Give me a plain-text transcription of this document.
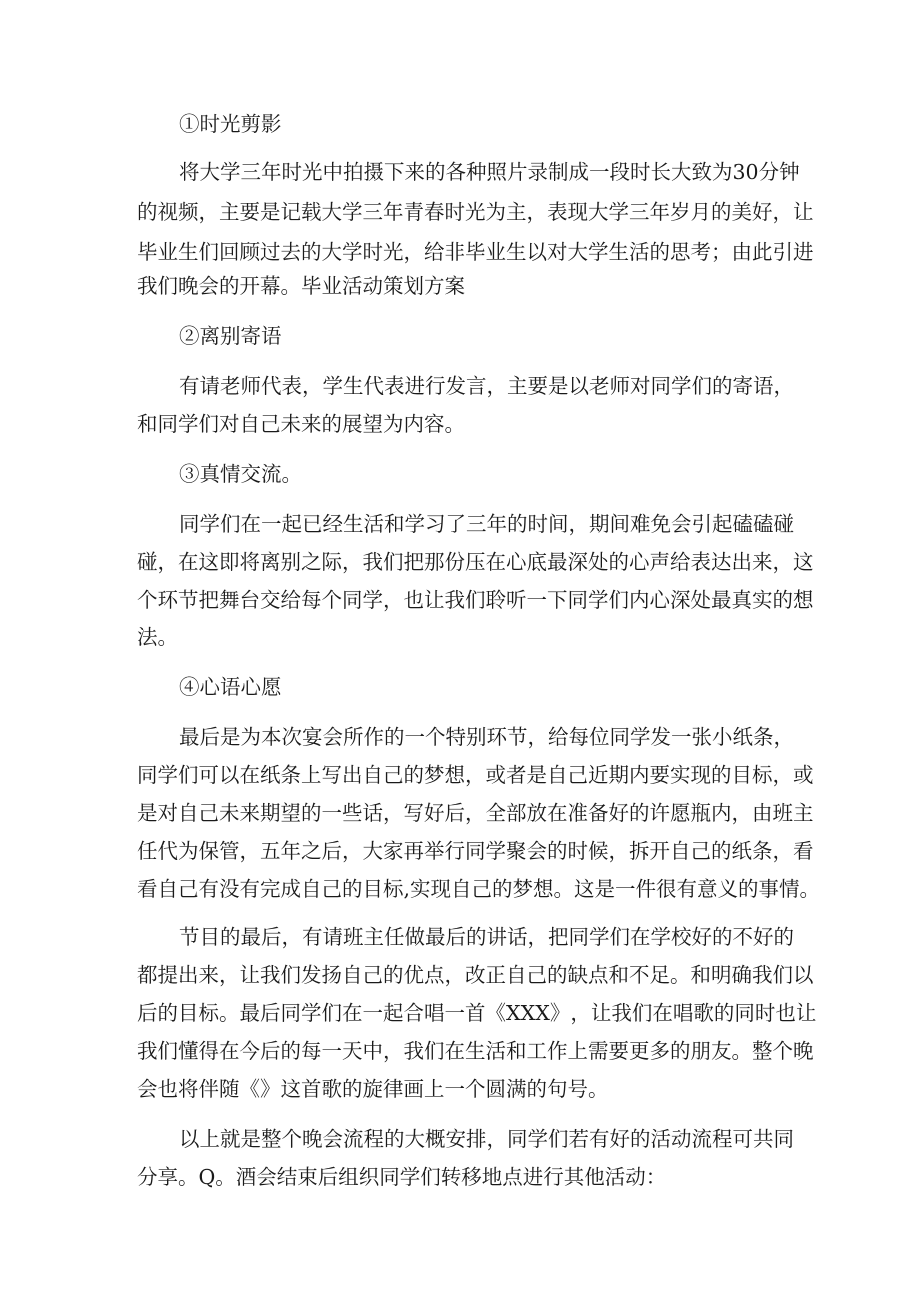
①时光剪影
将 大 学 三 年 时 光 中 拍 摄 下 来 的 各 种 照 片 录 制 成 一 段 时 长 大 致 为 3 0 分 钟
的 视 频 ， 主 要 是 记 载 大 学 三 年 青 春 时 光 为 主 ， 表 现 大 学 三 年 岁 月 的 美 好 ， 让
毕 业 生 们 回 顾 过 去 的 大 学 时 光 ， 给 非 毕 业 生 以 对 大 学 生 活 的 思 考 ； 由 此 引 进
我们晚会的开幕。毕业活动策划方案
②离别寄语
有 请 老 师 代 表 ， 学 生 代 表 进 行 发 言 ， 主 要 是 以 老 师 对 同 学 们 的 寄 语 ，
和同学们对自己未来的展望为内容。
③真情交流。
同 学 们 在 一 起 已 经 生 活 和 学 习 了 三 年 的 时 间 ， 期 间 难 免 会 引 起 磕 磕 碰
碰 ， 在 这 即 将 离 别 之 际 ， 我 们 把 那 份 压 在 心 底 最 深 处 的 心 声 给 表 达 出 来 ， 这
个 环 节 把 舞 台 交 给 每 个 同 学 ， 也 让 我 们 聆 听 一 下 同 学 们 内 心 深 处 最 真 实 的 想
法。
④心语心愿
最 后 是 为 本 次 宴 会 所 作 的 一 个 特 别 环 节 ， 给 每 位 同 学 发 一 张 小 纸 条 ，
同 学 们 可 以 在 纸 条 上 写 出 自 己 的 梦 想 ， 或 者 是 自 己 近 期 内 要 实 现 的 目 标 ， 或
是 对 自 己 未 来 期 望 的 一 些 话 ， 写 好 后 ， 全 部 放 在 准 备 好 的 许 愿 瓶 内 ， 由 班 主
任 代 为 保 管 ， 五 年 之 后 ， 大 家 再 举 行 同 学 聚 会 的 时 候 ， 拆 开 自 己 的 纸 条 ， 看
看 自 己 有 没 有 完 成 自 己 的 目 标 , 实 现 自 己 的 梦 想 。 这 是 一 件 很 有 意 义 的 事 情 。
节 目 的 最 后 ， 有 请 班 主 任 做 最 后 的 讲 话 ， 把 同 学 们 在 学 校 好 的 不 好 的
都 提 出 来 ， 让 我 们 发 扬 自 己 的 优 点 ， 改 正 自 己 的 缺 点 和 不 足 。 和 明 确 我 们 以
后 的 目 标 。 最 后 同 学 们 在 一 起 合 唱 一 首 《 X X X 》 ， 让 我 们 在 唱 歌 的 同 时 也 让
我 们 懂 得 在 今 后 的 每 一 天 中 ， 我 们 在 生 活 和 工 作 上 需 要 更 多 的 朋 友 。 整 个 晚
会也将伴随《》这首歌的旋律画上一个圆满的句号。
以 上 就 是 整 个 晚 会 流 程 的 大 概 安 排 ， 同 学 们 若 有 好 的 活 动 流 程 可 共 同
分享。Q。酒会结束后组织同学们转移地点进行其他活动：
